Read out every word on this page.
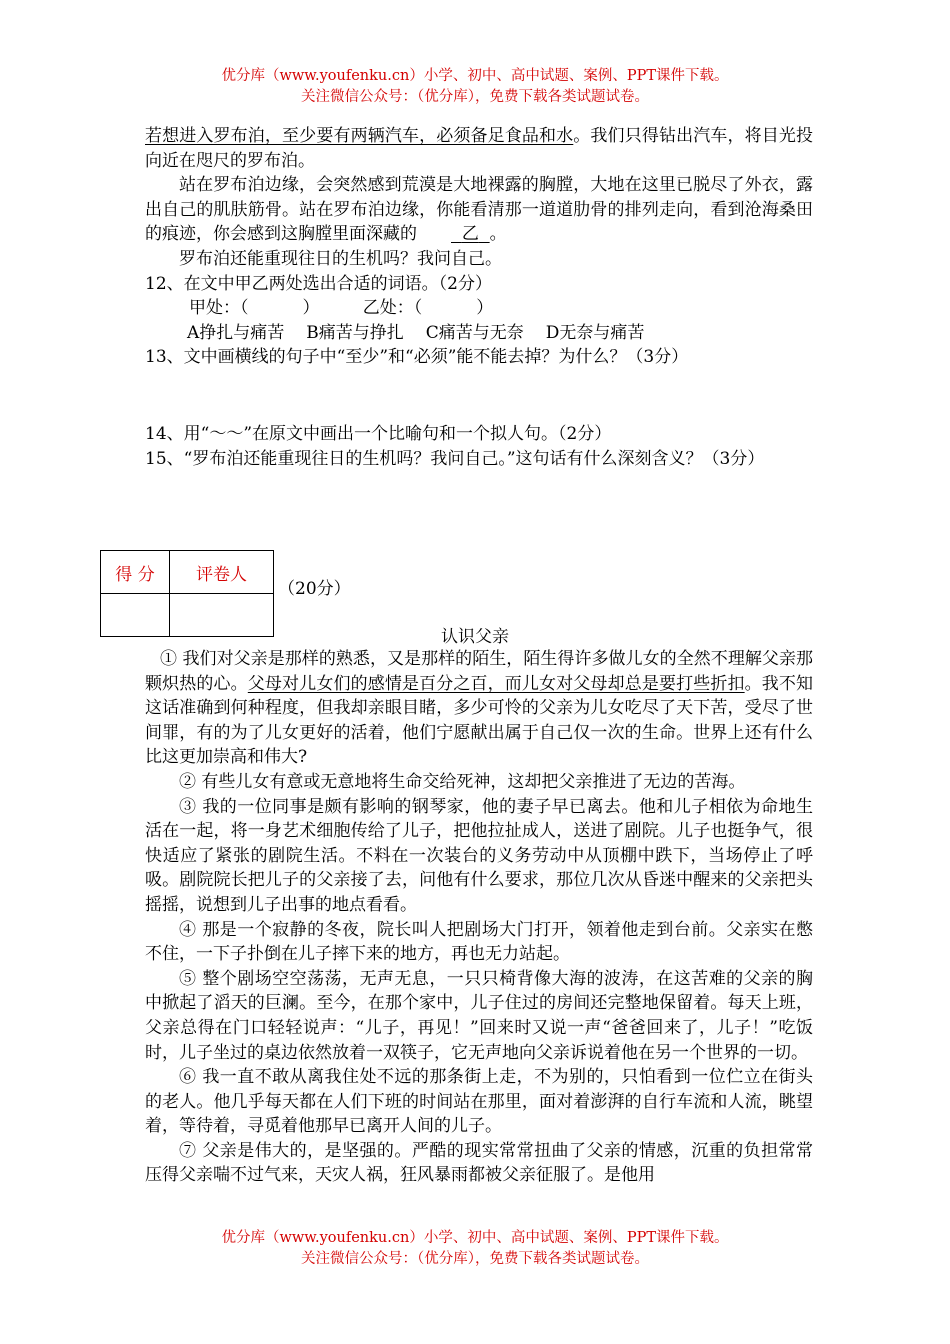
优分库（www.youfenku.cn）小学、初中、高中试题、案例、PPT课件下载。
关注微信公众号：（优分库），免费下载各类试题试卷。

若想进入罗布泊，至少要有两辆汽车，必须备足食品和水。我们只得钻出汽车，将目光投向近在咫尺的罗布泊。

站在罗布泊边缘，会突然感到荒漠是大地裸露的胸膛，大地在这里已脱尽了外衣，露出自己的肌肤筋骨。站在罗布泊边缘，你能看清那一道道肋骨的排列走向，看到沧海桑田的痕迹，你会感到这胸膛里面深藏的	乙 。

罗布泊还能重现往日的生机吗？我问自己。

12、在文中甲乙两处选出合适的词语。（2分）

甲处：（          ）        乙处：（          ）

A挣扎与痛苦 B痛苦与挣扎 C痛苦与无奈 D无奈与痛苦

13、文中画横线的句子中“至少”和“必须”能不能去掉？为什么？（3分）

14、用“～～”在原文中画出一个比喻句和一个拟人句。（2分）

15、“罗布泊还能重现往日的生机吗？我问自己。”这句话有什么深刻含义？（3分）

得 分	评卷人

（20分）
认识父亲

① 我们对父亲是那样的熟悉，又是那样的陌生，陌生得许多做儿女的全然不理解父亲那颗炽热的心。父母对儿女们的感情是百分之百，而儿女对父母却总是要打些折扣。我不知这话准确到何种程度，但我却亲眼目睹，多少可怜的父亲为儿女吃尽了天下苦，受尽了世间罪，有的为了儿女更好的活着，他们宁愿献出属于自己仅一次的生命。世界上还有什么比这更加崇高和伟大?

② 有些儿女有意或无意地将生命交给死神，这却把父亲推进了无边的苦海。

③ 我的一位同事是颇有影响的钢琴家，他的妻子早已离去。他和儿子相依为命地生活在一起，将一身艺术细胞传给了儿子，把他拉扯成人，送进了剧院。儿子也挺争气，很快适应了紧张的剧院生活。不料在一次装台的义务劳动中从顶棚中跌下，当场停止了呼吸。剧院院长把儿子的父亲接了去，问他有什么要求，那位几次从昏迷中醒来的父亲把头摇摇，说想到儿子出事的地点看看。

④ 那是一个寂静的冬夜，院长叫人把剧场大门打开，领着他走到台前。父亲实在憋不住，一下子扑倒在儿子摔下来的地方，再也无力站起。

⑤ 整个剧场空空荡荡，无声无息，一只只椅背像大海的波涛，在这苦难的父亲的胸中掀起了滔天的巨澜。至今，在那个家中，儿子住过的房间还完整地保留着。每天上班，父亲总得在门口轻轻说声：“儿子，再见！”回来时又说一声“爸爸回来了，儿子！”吃饭时，儿子坐过的桌边依然放着一双筷子，它无声地向父亲诉说着他在另一个世界的一切。

⑥ 我一直不敢从离我住处不远的那条街上走，不为别的，只怕看到一位伫立在街头的老人。他几乎每天都在人们下班的时间站在那里，面对着澎湃的自行车流和人流，眺望着，等待着，寻觅着他那早已离开人间的儿子。

⑦ 父亲是伟大的，是坚强的。严酷的现实常常扭曲了父亲的情感，沉重的负担常常压得父亲喘不过气来，天灾人祸，狂风暴雨都被父亲征服了。是他用

优分库（www.youfenku.cn）小学、初中、高中试题、案例、PPT课件下载。
关注微信公众号：（优分库），免费下载各类试题试卷。
